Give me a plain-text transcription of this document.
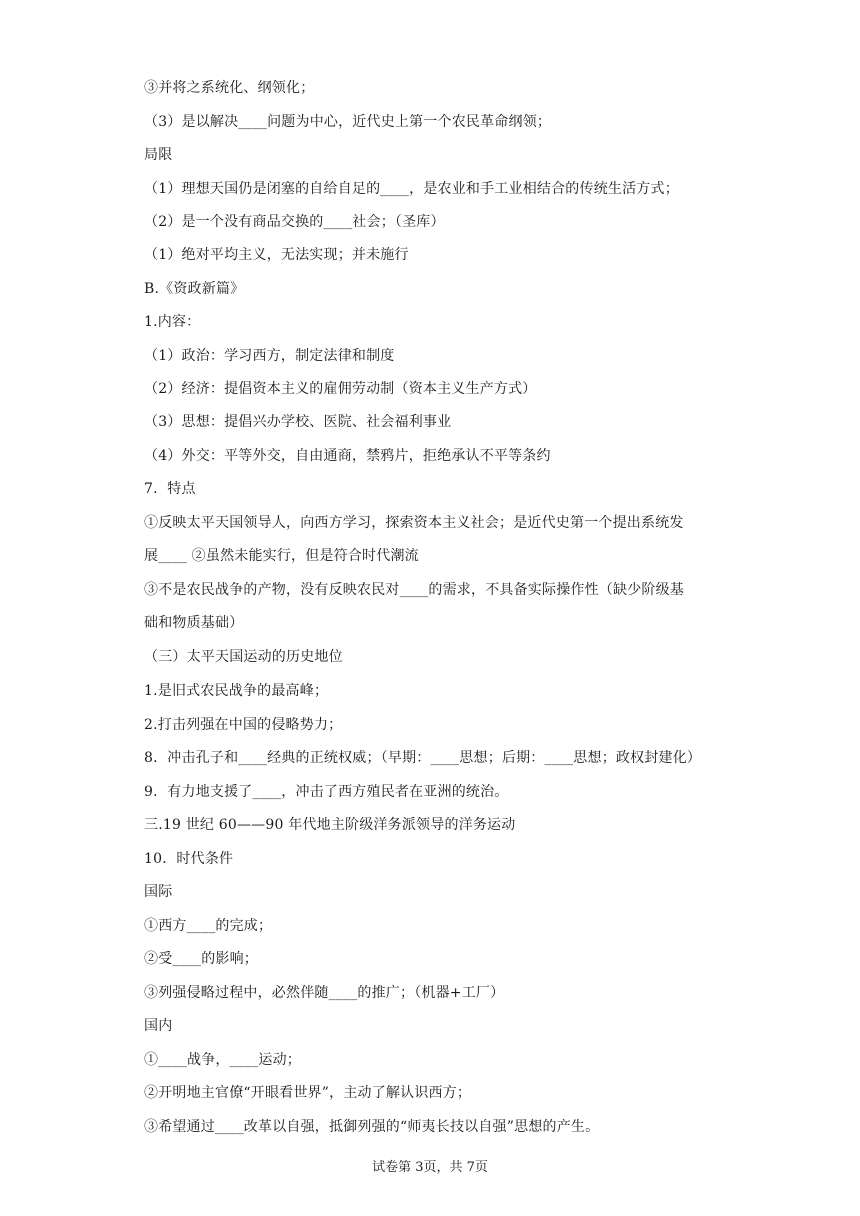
③并将之系统化、纲领化；
（3）是以解决____问题为中心，近代史上第一个农民革命纲领；
局限
（1）理想天国仍是闭塞的自给自足的____，是农业和手工业相结合的传统生活方式；
（2）是一个没有商品交换的____社会；（圣库）
（1）绝对平均主义，无法实现；并未施行
B.《资政新篇》
1.内容：
（1）政治：学习西方，制定法律和制度
（2）经济：提倡资本主义的雇佣劳动制（资本主义生产方式）
（3）思想：提倡兴办学校、医院、社会福利事业
（4）外交：平等外交，自由通商，禁鸦片，拒绝承认不平等条约
7．特点
①反映太平天国领导人，向西方学习，探索资本主义社会；是近代史第一个提出系统发
展____ ②虽然未能实行，但是符合时代潮流
③不是农民战争的产物，没有反映农民对____的需求，不具备实际操作性（缺少阶级基
础和物质基础）
（三）太平天国运动的历史地位
1.是旧式农民战争的最高峰；
2.打击列强在中国的侵略势力；
8．冲击孔子和____经典的正统权威；（早期：____思想；后期：____思想；政权封建化）
9．有力地支援了____，冲击了西方殖民者在亚洲的统治。
三.19 世纪 60——90 年代地主阶级洋务派领导的洋务运动
10．时代条件
国际
①西方____的完成；
②受____的影响；
③列强侵略过程中，必然伴随____的推广；（机器+工厂）
国内
①____战争，____运动；
②开明地主官僚“开眼看世界”，主动了解认识西方；
③希望通过____改革以自强，抵御列强的“师夷长技以自强”思想的产生。
试卷第 3页，共 7页
